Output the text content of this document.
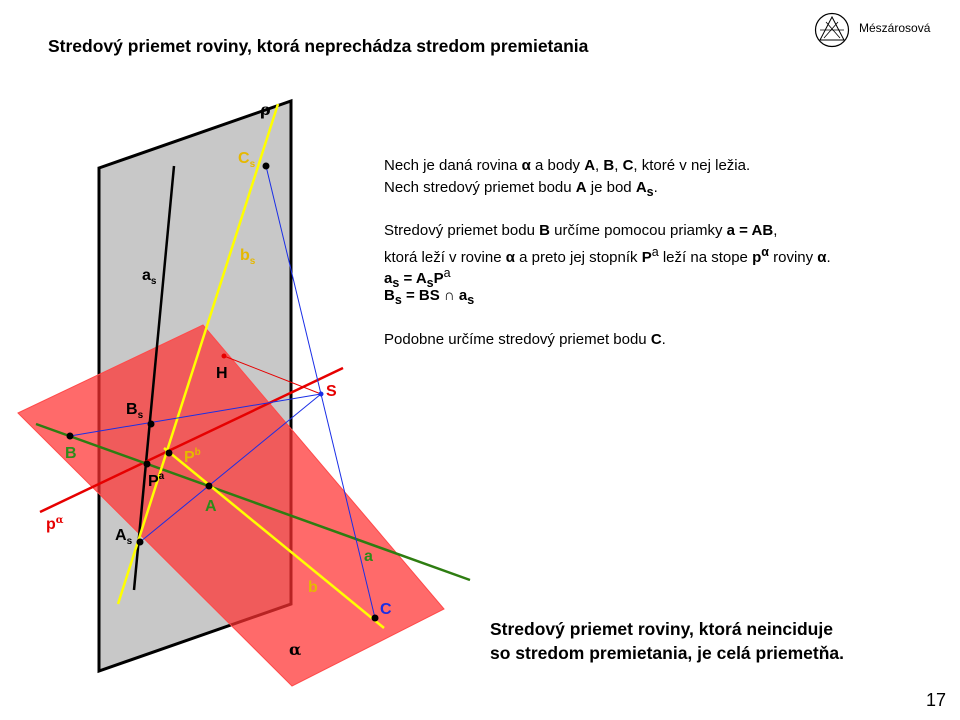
Stredový priemet roviny, ktorá neprechádza stredom premietania
Mészárosová
ρ
α
$C_s$
$b_s$
$a_s$
$B_s$
$A_s$
$P^a$
$P^b$
H
S
B
A
C
a
b
$p^\alpha$
Nech je daná rovina α a body A, B, C, ktoré v nej ležia.
Nech stredový priemet bodu A je bod $A_s$.
Stredový priemet bodu B určíme pomocou priamky a = AB,
ktorá leží v rovine α a preto jej stopník $P^a$ leží na stope $p^\alpha$ roviny α.
$a_s = A_sP^a$
$B_s$ = BS ∩ $a_s$
Podobne určíme stredový priemet bodu C.
Stredový priemet roviny, ktorá neinciduje
so stredom premietania, je celá priemetňa.
17
